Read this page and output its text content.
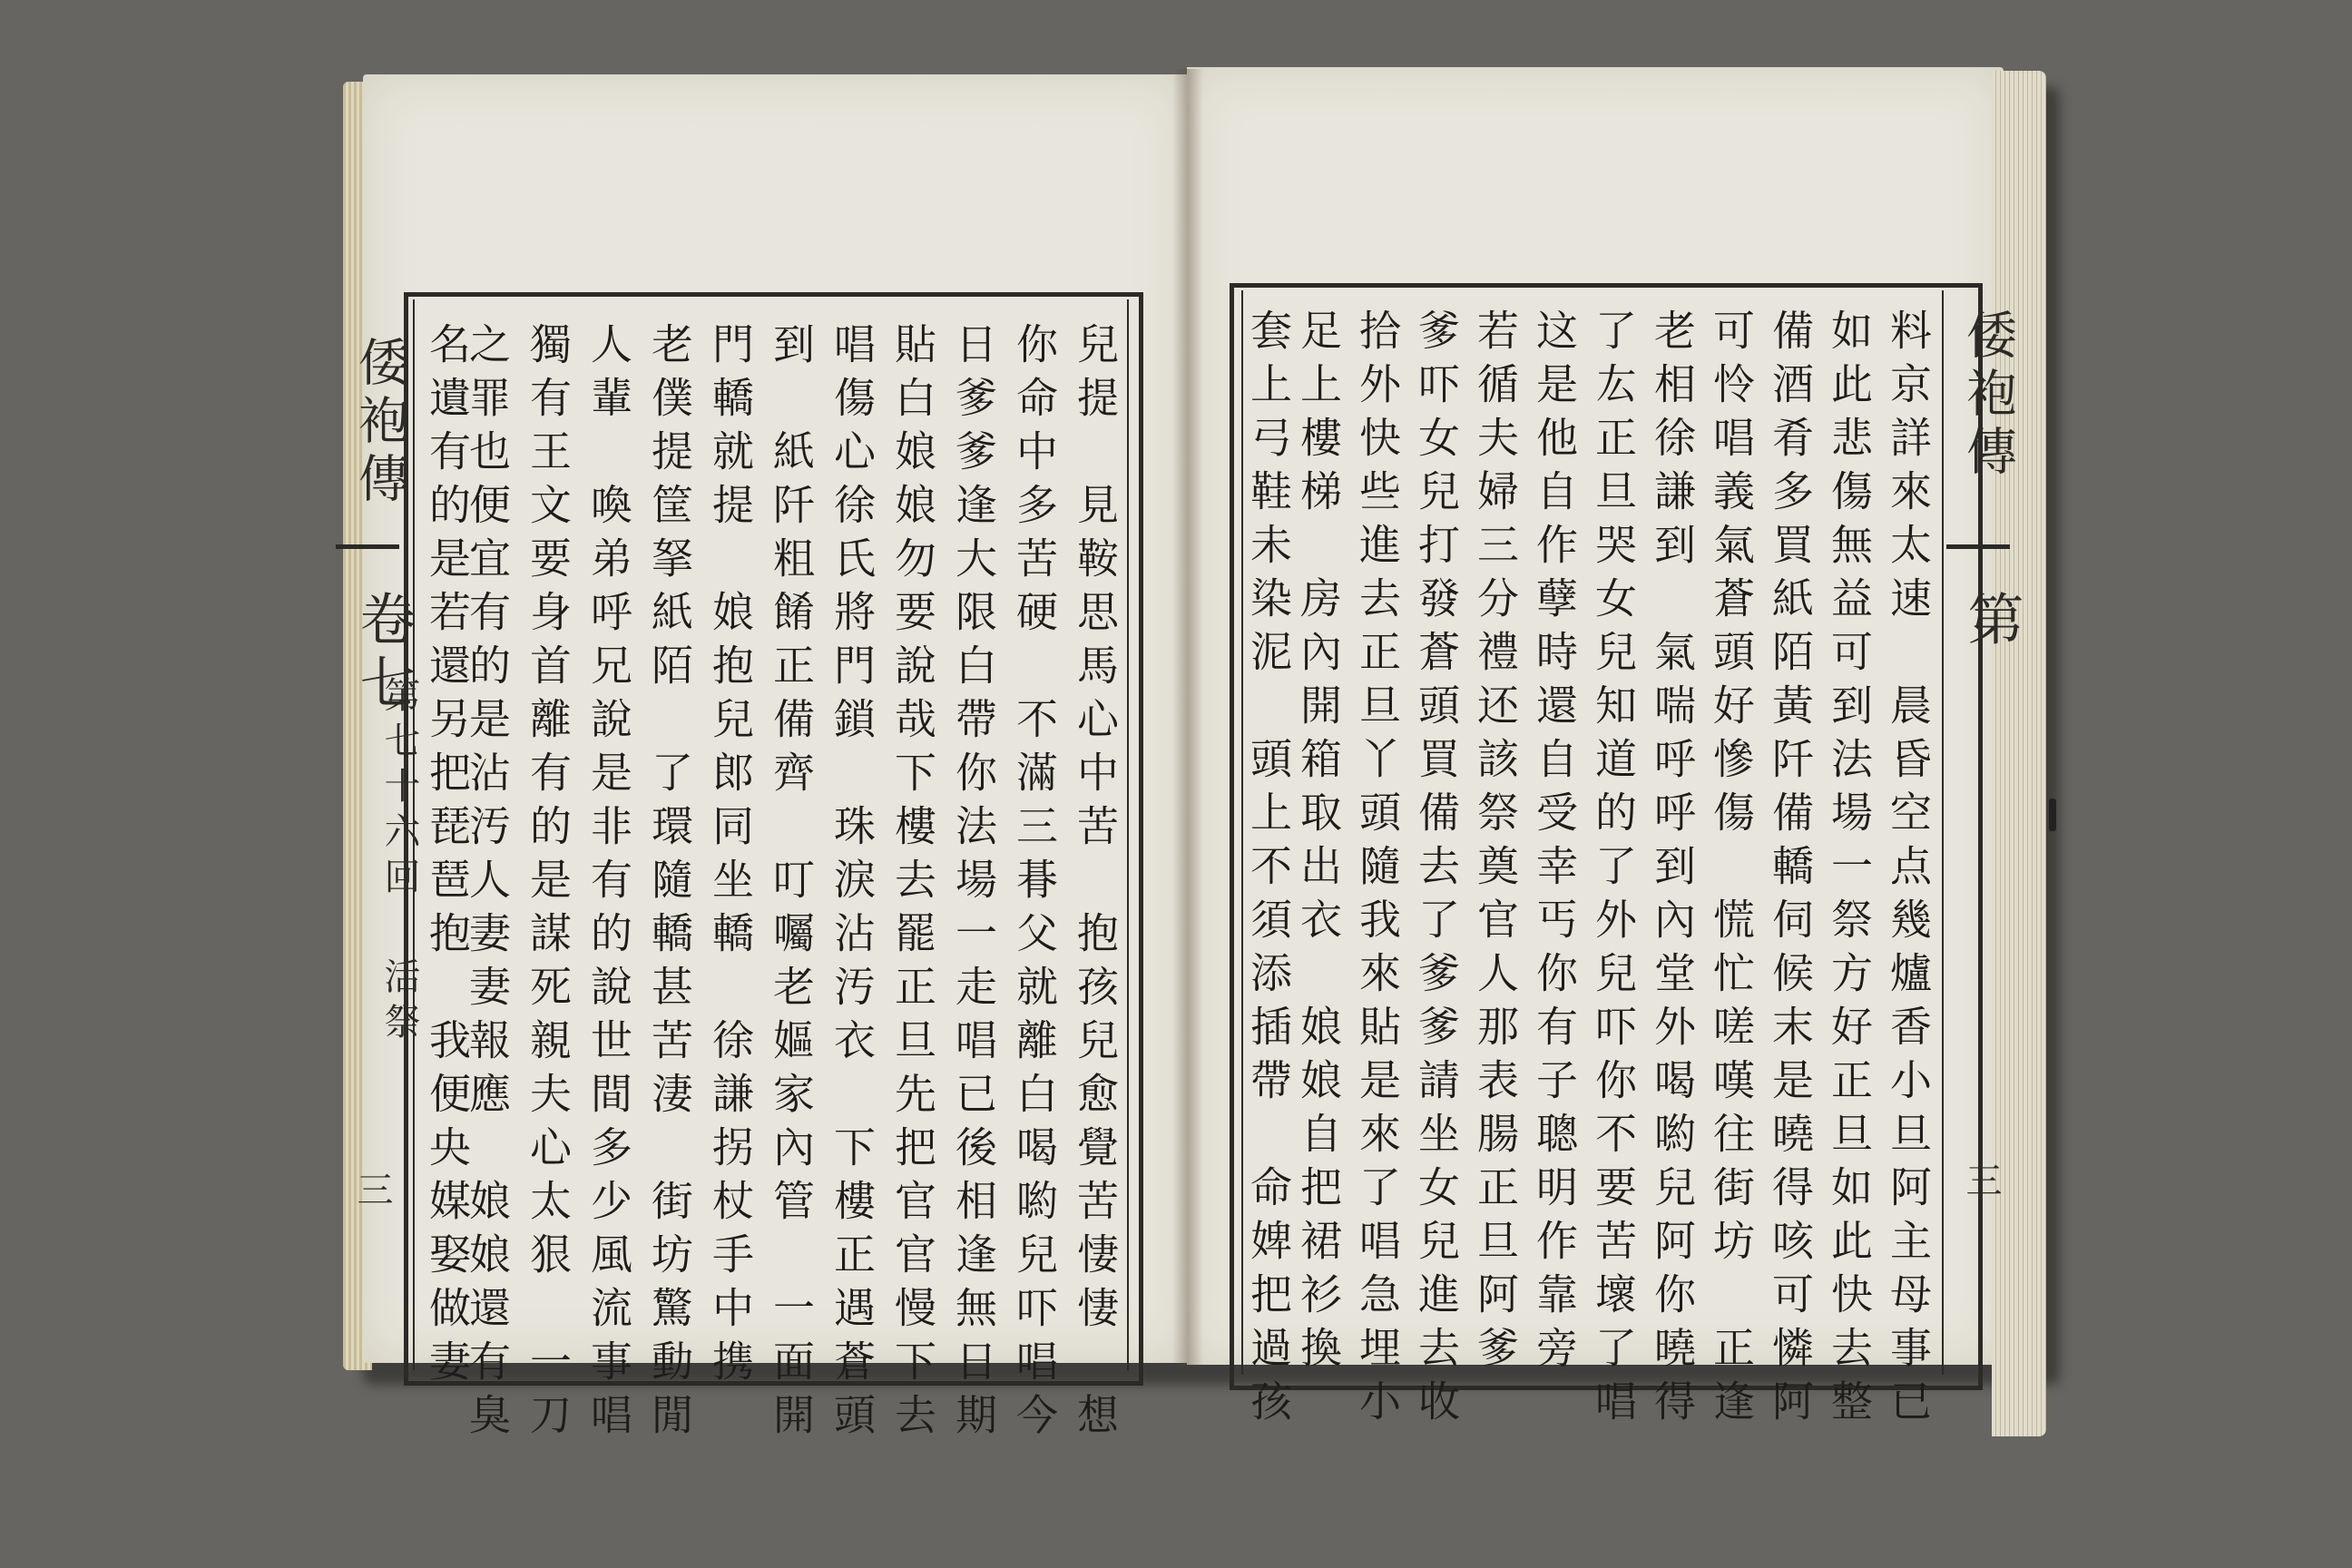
倭袍傳
卷七
第七十六回
活祭
三	兒提　見鞍思馬心中苦　抱孩兒愈覺苦悽悽　想
你命中多苦硬　不滿三朞父就離白喝喲兒吓唱今
日爹爹逢大限白帶你法場一走唱已後相逢無日期
貼白娘娘勿要說哉下樓去罷正旦先把官官慢下去
唱傷心徐氏將門鎖　珠淚沾汚衣　下樓正遇蒼頭
到　紙阡粗餚正備齊　叮囑老嫗家內管　一面開
門轎就提　娘抱兒郎同坐轎　徐謙拐杖手中携
老僕提筐拏紙陌　了環隨轎甚苦淒　街坊驚動閒
人輩　喚弟呼兄說是非有的說世間多少風流事唱
獨有王文要身首離有的是謀死親夫心太狠　一刀
之罪也便宜有的是沾汚人妻妻報應　娘娘還有臭
名遺有的是若還另把琵琶抱　我便央媒娶做妻	倭袍傳
第
三
料京詳來太速　晨昏空点幾爐香小旦阿主母事已
如此悲傷無益可到法場一祭方好正旦如此快去整
備酒肴多買紙陌黃阡備轎伺候末是曉得咳可憐阿
可怜唱義氣蒼頭好慘傷　慌忙嗟嘆往街坊　正逢
老相徐謙到　氣喘呼呼到內堂外喝喲兒阿你曉得
了厷正旦哭女兒知道的了外兒吓你不要苦壞了唱
这是他自作孽時還自受幸丐你有子聰明作靠旁
若循夫婦三分禮还該祭奠官人那表腸正旦阿爹
爹吓女兒打發蒼頭買備去了爹爹請坐女兒進去收
拾外快些進去正旦丫頭隨我來貼是來了唱急埋小
足上樓梯　房內開箱取出衣　娘娘自把裙衫換
套上弓鞋未染泥　頭上不須添插帶　命婢把過孩
